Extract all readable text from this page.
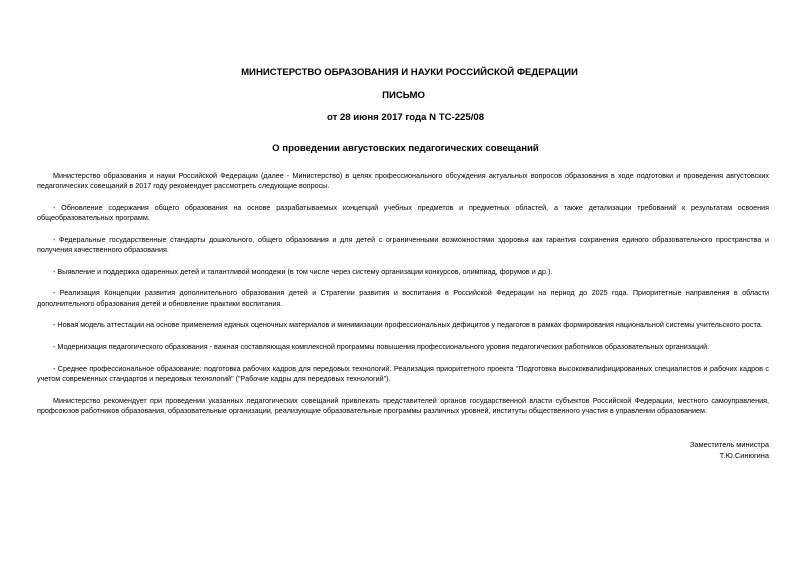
МИНИСТЕРСТВО ОБРАЗОВАНИЯ И НАУКИ РОССИЙСКОЙ ФЕДЕРАЦИИ
ПИСЬМО
от 28 июня 2017 года N ТС-225/08
О проведении августовских педагогических совещаний

Министерство образования и науки Российской Федерации (далее - Министерство) в целях профессионального обсуждения актуальных вопросов образования в ходе подготовки и проведения августовских педагогических совещаний в 2017 году рекомендует рассмотреть следующие вопросы.

- Обновление содержания общего образования на основе разрабатываемых концепций учебных предметов и предметных областей, а также детализации требований к результатам освоения общеобразовательных программ.

- Федеральные государственные стандарты дошкольного, общего образования и для детей с ограниченными возможностями здоровья как гарантия сохранения единого образовательного пространства и получения качественного образования.

- Выявление и поддержка одаренных детей и талантливой молодежи (в том числе через систему организации конкурсов, олимпиад, форумов и др.).

- Реализация Концепции развития дополнительного образования детей и Стратегии развития и воспитания в Российской Федерации на период до 2025 года. Приоритетные направления в области дополнительного образования детей и обновление практики воспитания.

- Новая модель аттестации на основе применения единых оценочных материалов и минимизации профессиональных дефицитов у педагогов в рамках формирования национальной системы учительского роста.

- Модернизация педагогического образования - важная составляющая комплексной программы повышения профессионального уровня педагогических работников образовательных организаций.

- Среднее профессиональное образование: подготовка рабочих кадров для передовых технологий. Реализация приоритетного проекта "Подготовка высококвалифицированных специалистов и рабочих кадров с учетом современных стандартов и передовых технологий" ("Рабочие кадры для передовых технологий").

Министерство рекомендует при проведении указанных педагогических совещаний привлекать представителей органов государственной власти субъектов Российской Федерации, местного самоуправления, профсоюзов работников образования, образовательные организации, реализующие образовательные программы различных уровней, институты общественного участия в управлении образованием.

Заместитель министра
Т.Ю.Синюгина
